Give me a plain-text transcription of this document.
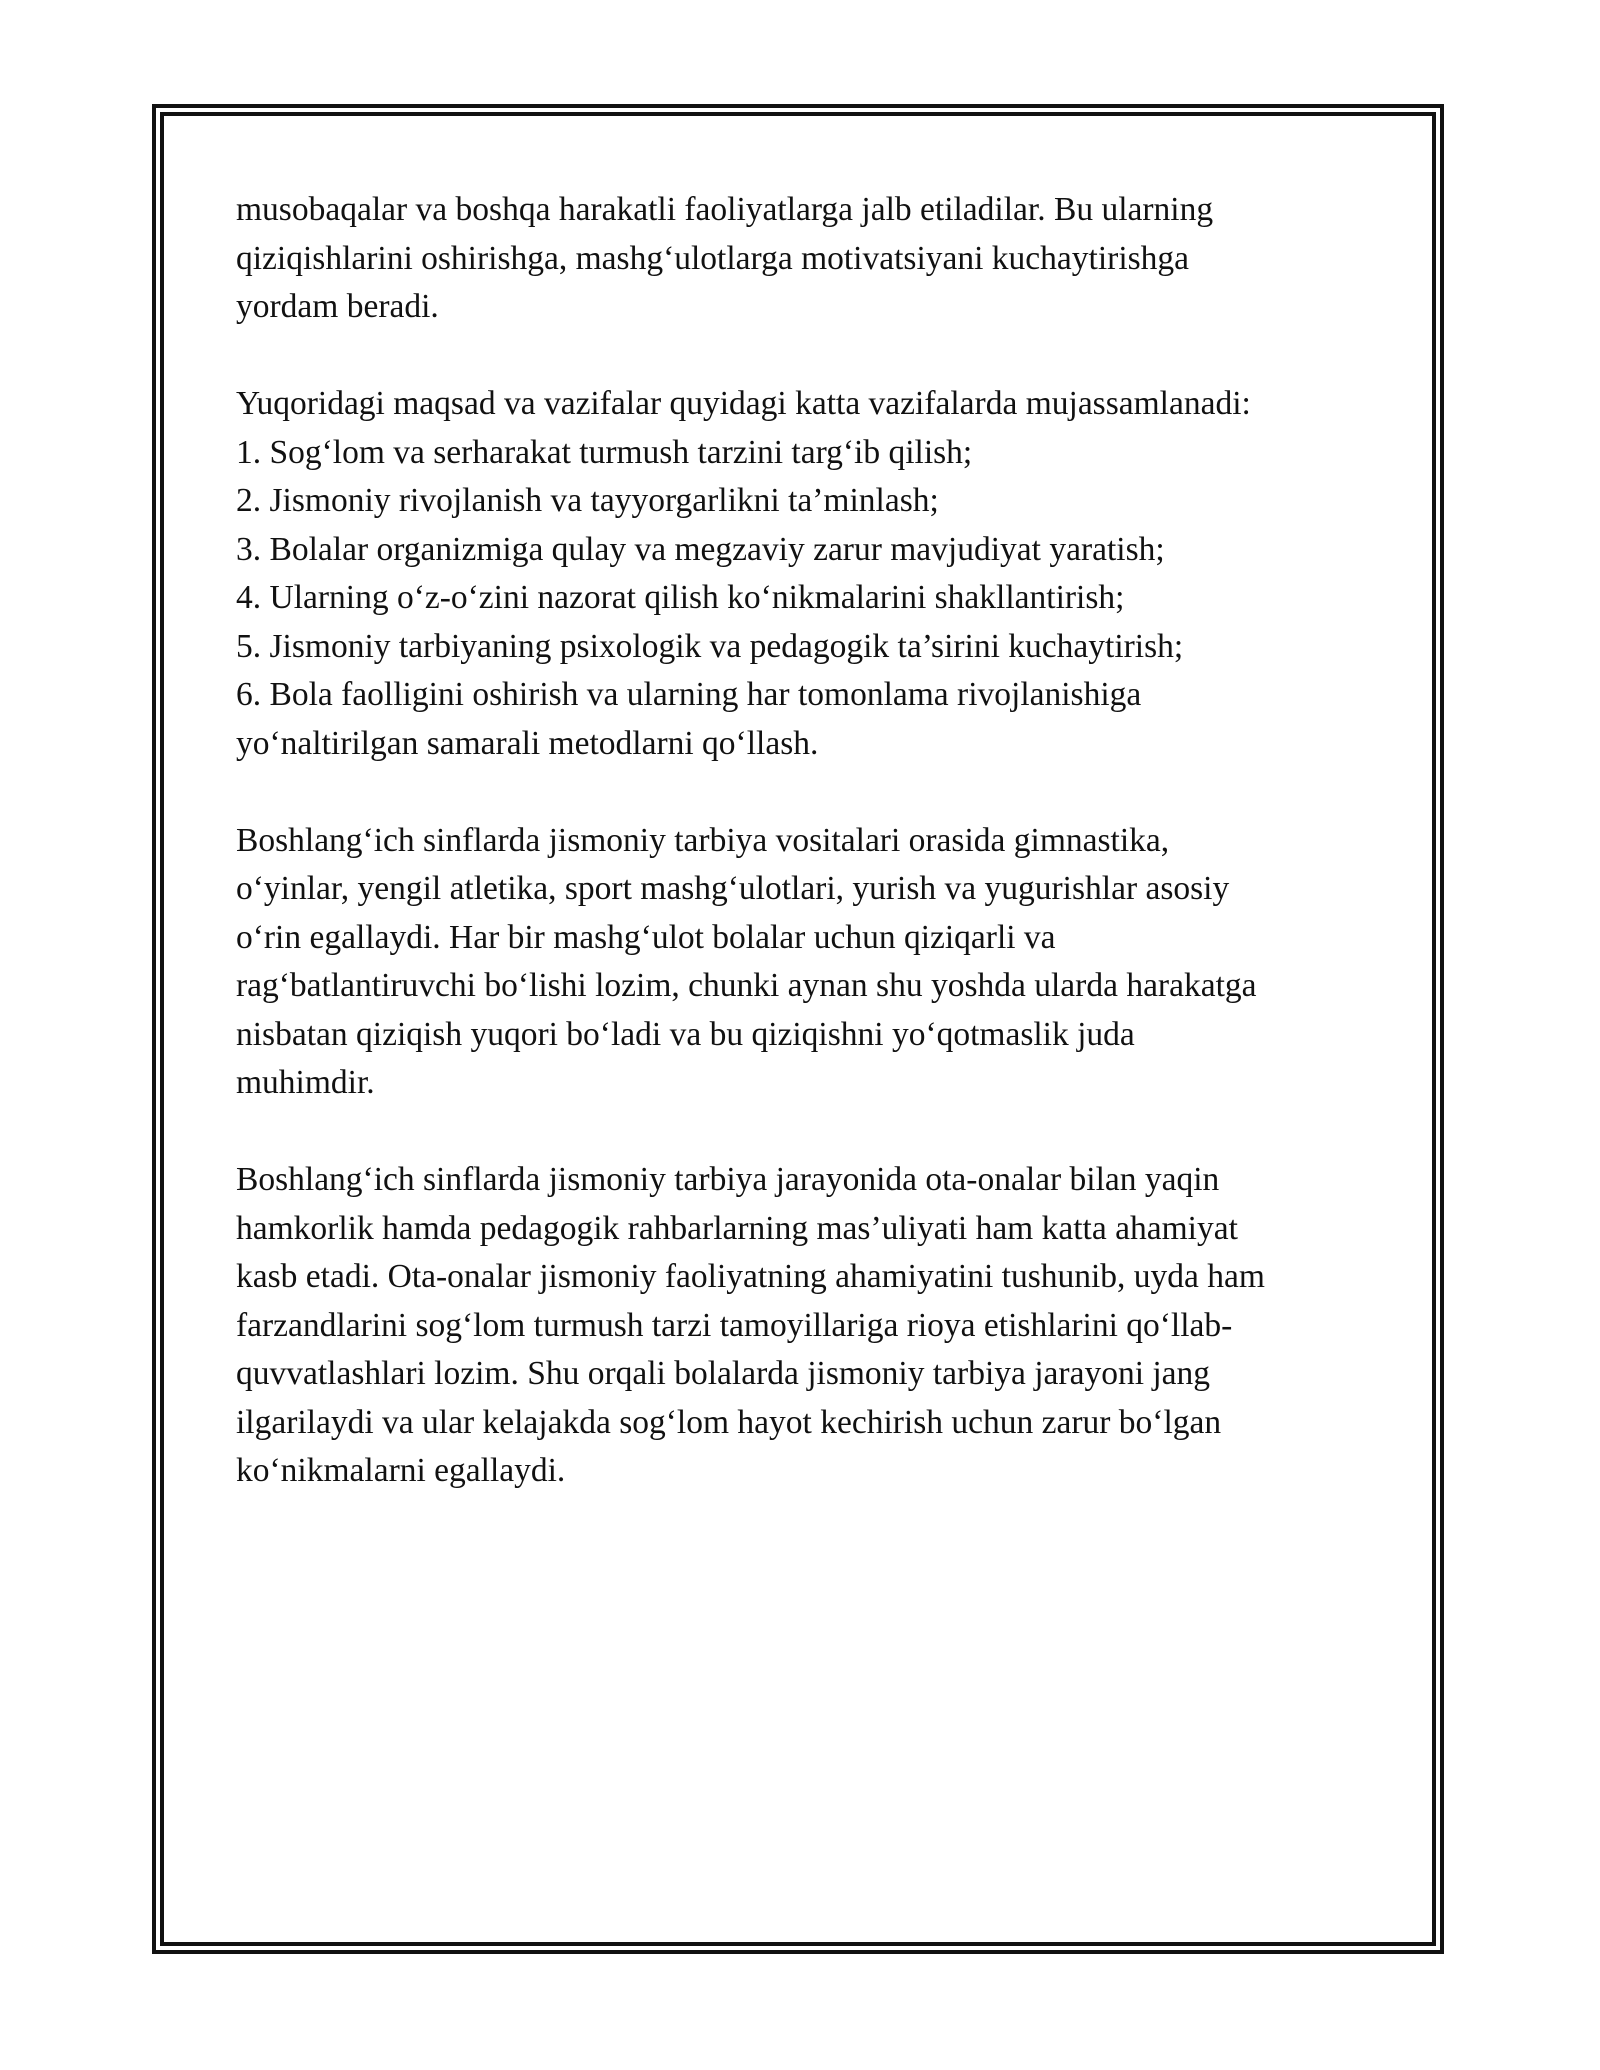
musobaqalar va boshqa harakatli faoliyatlarga jalb etiladilar. Bu ularning
qiziqishlarini oshirishga, mashg‘ulotlarga motivatsiyani kuchaytirishga
yordam beradi.
Yuqoridagi maqsad va vazifalar quyidagi katta vazifalarda mujassamlanadi:
1. Sog‘lom va serharakat turmush tarzini targ‘ib qilish;
2. Jismoniy rivojlanish va tayyorgarlikni ta’minlash;
3. Bolalar organizmiga qulay va megzaviy zarur mavjudiyat yaratish;
4. Ularning o‘z-o‘zini nazorat qilish ko‘nikmalarini shakllantirish;
5. Jismoniy tarbiyaning psixologik va pedagogik ta’sirini kuchaytirish;
6. Bola faolligini oshirish va ularning har tomonlama rivojlanishiga
yo‘naltirilgan samarali metodlarni qo‘llash.
Boshlang‘ich sinflarda jismoniy tarbiya vositalari orasida gimnastika,
o‘yinlar, yengil atletika, sport mashg‘ulotlari, yurish va yugurishlar asosiy
o‘rin egallaydi. Har bir mashg‘ulot bolalar uchun qiziqarli va
rag‘batlantiruvchi bo‘lishi lozim, chunki aynan shu yoshda ularda harakatga
nisbatan qiziqish yuqori bo‘ladi va bu qiziqishni yo‘qotmaslik juda
muhimdir.
Boshlang‘ich sinflarda jismoniy tarbiya jarayonida ota-onalar bilan yaqin
hamkorlik hamda pedagogik rahbarlarning mas’uliyati ham katta ahamiyat
kasb etadi. Ota-onalar jismoniy faoliyatning ahamiyatini tushunib, uyda ham
farzandlarini sog‘lom turmush tarzi tamoyillariga rioya etishlarini qo‘llab-
quvvatlashlari lozim. Shu orqali bolalarda jismoniy tarbiya jarayoni jang
ilgarilaydi va ular kelajakda sog‘lom hayot kechirish uchun zarur bo‘lgan
ko‘nikmalarni egallaydi.
